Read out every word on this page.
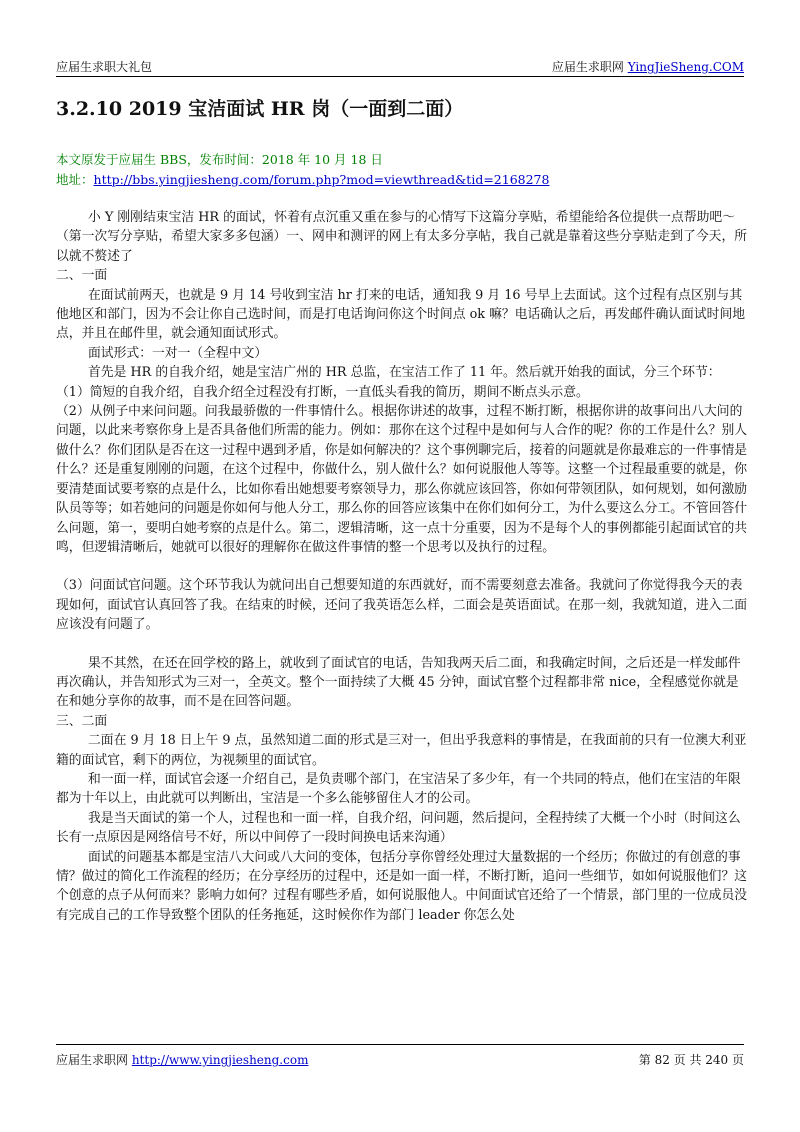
应届生求职大礼包	应届生求职网 YingJieSheng.COM
3.2.10 2019 宝洁面试 HR 岗（一面到二面）
本文原发于应届生 BBS，发布时间：2018 年 10 月 18 日
地址：http://bbs.yingjiesheng.com/forum.php?mod=viewthread&tid=2168278

小 Y 刚刚结束宝洁 HR 的面试，怀着有点沉重又重在参与的心情写下这篇分享贴，希望能给各位提供一点帮助吧～（第一次写分享贴，希望大家多多包涵）一、网申和测评的网上有太多分享帖，我自己就是靠着这些分享贴走到了今天，所以就不赘述了

二、一面

在面试前两天，也就是 9 月 14 号收到宝洁 hr 打来的电话，通知我 9 月 16 号早上去面试。这个过程有点区别与其他地区和部门，因为不会让你自己选时间，而是打电话询问你这个时间点 ok 嘛？电话确认之后，再发邮件确认面试时间地点，并且在邮件里，就会通知面试形式。

面试形式：一对一（全程中文）

首先是 HR 的自我介绍，她是宝洁广州的 HR 总监，在宝洁工作了 11 年。然后就开始我的面试，分三个环节：

（1）简短的自我介绍，自我介绍全过程没有打断，一直低头看我的简历，期间不断点头示意。

（2）从例子中来问问题。问我最骄傲的一件事情什么。根据你讲述的故事，过程不断打断，根据你讲的故事问出八大问的问题，以此来考察你身上是否具备他们所需的能力。例如：那你在这个过程中是如何与人合作的呢？你的工作是什么？别人做什么？你们团队是否在这一过程中遇到矛盾，你是如何解决的？这个事例聊完后，接着的问题就是你最难忘的一件事情是什么？还是重复刚刚的问题，在这个过程中，你做什么，别人做什么？如何说服他人等等。这整一个过程最重要的就是，你要清楚面试要考察的点是什么，比如你看出她想要考察领导力，那么你就应该回答，你如何带领团队，如何规划，如何激励队员等等；如若她问的问题是你如何与他人分工，那么你的回答应该集中在你们如何分工，为什么要这么分工。不管回答什么问题，第一，要明白她考察的点是什么。第二，逻辑清晰，这一点十分重要，因为不是每个人的事例都能引起面试官的共鸣，但逻辑清晰后，她就可以很好的理解你在做这件事情的整一个思考以及执行的过程。

（3）问面试官问题。这个环节我认为就问出自己想要知道的东西就好，而不需要刻意去准备。我就问了你觉得我今天的表现如何，面试官认真回答了我。在结束的时候，还问了我英语怎么样，二面会是英语面试。在那一刻，我就知道，进入二面应该没有问题了。

果不其然，在还在回学校的路上，就收到了面试官的电话，告知我两天后二面，和我确定时间，之后还是一样发邮件再次确认，并告知形式为三对一，全英文。整个一面持续了大概 45 分钟，面试官整个过程都非常 nice，全程感觉你就是在和她分享你的故事，而不是在回答问题。

三、二面

二面在 9 月 18 日上午 9 点，虽然知道二面的形式是三对一，但出乎我意料的事情是，在我面前的只有一位澳大利亚籍的面试官，剩下的两位，为视频里的面试官。

和一面一样，面试官会逐一介绍自己，是负责哪个部门，在宝洁呆了多少年，有一个共同的特点，他们在宝洁的年限都为十年以上，由此就可以判断出，宝洁是一个多么能够留住人才的公司。

我是当天面试的第一个人，过程也和一面一样，自我介绍，问问题，然后提问，全程持续了大概一个小时（时间这么长有一点原因是网络信号不好，所以中间停了一段时间换电话来沟通）

面试的问题基本都是宝洁八大问或八大问的变体，包括分享你曾经处理过大量数据的一个经历；你做过的有创意的事情？做过的简化工作流程的经历；在分享经历的过程中，还是如一面一样，不断打断，追问一些细节，如如何说服他们？这个创意的点子从何而来？影响力如何？过程有哪些矛盾，如何说服他人。中间面试官还给了一个情景，部门里的一位成员没有完成自己的工作导致整个团队的任务拖延，这时候你作为部门 leader 你怎么处

应届生求职网 http://www.yingjiesheng.com	第 82 页 共 240 页
